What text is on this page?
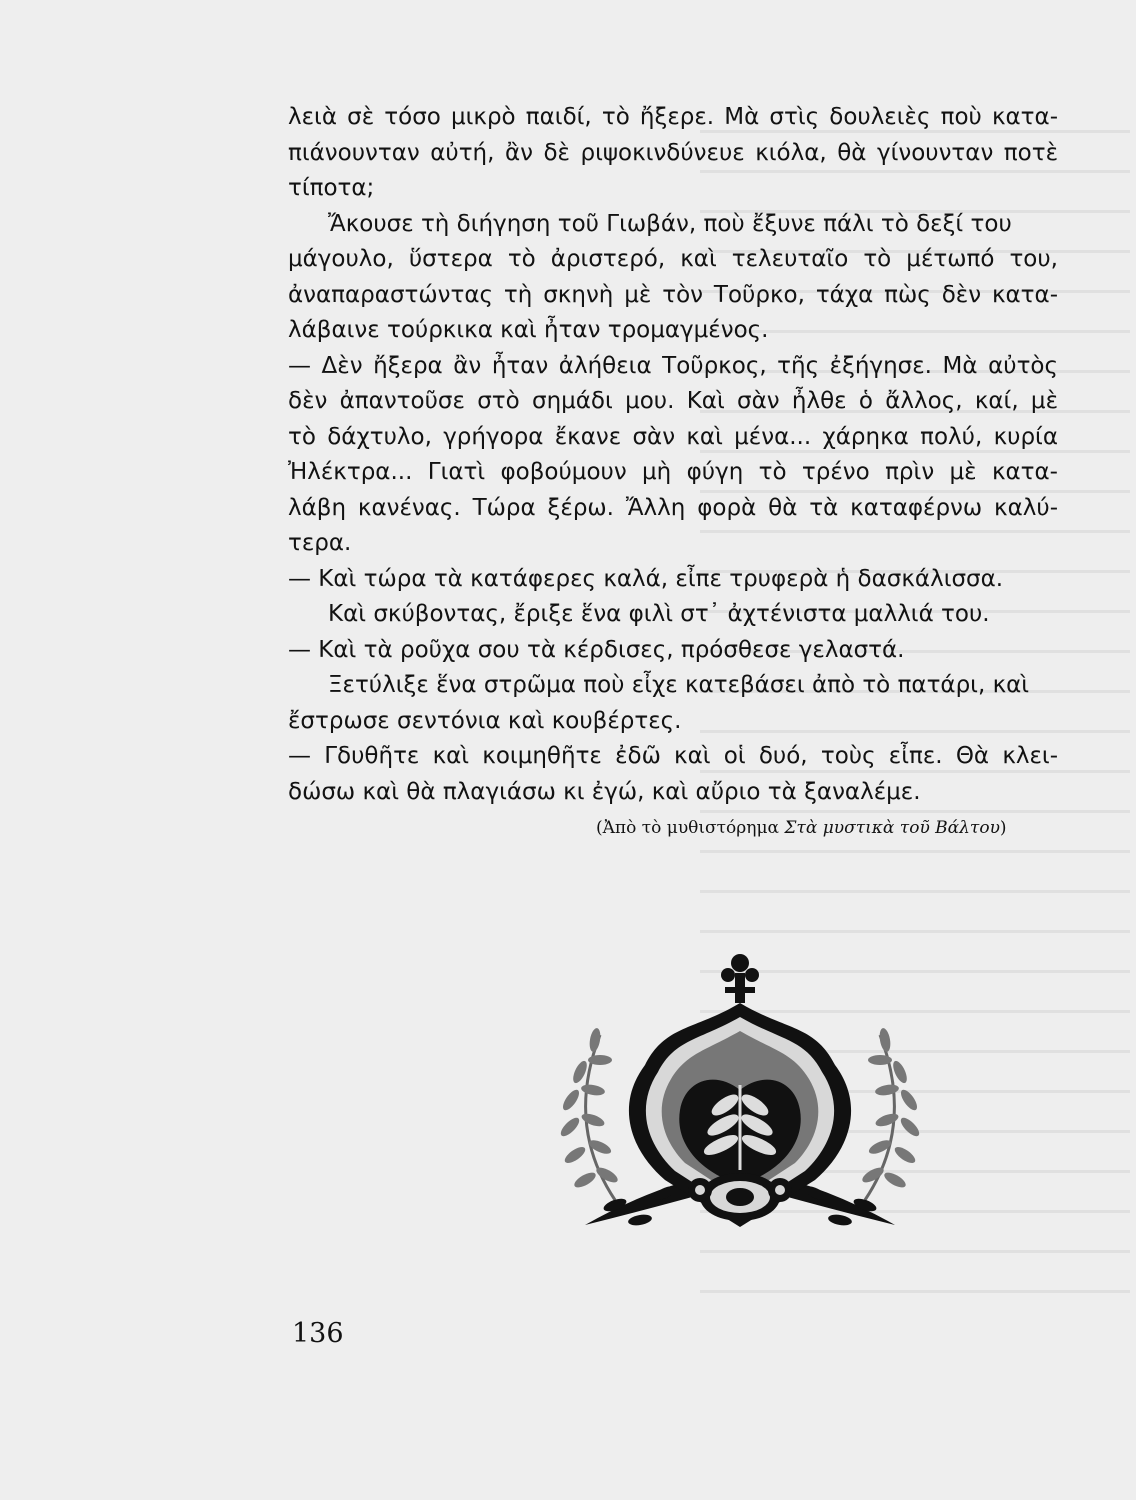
λειὰ σὲ τόσο μικρὸ παιδί, τὸ ἤξερε. Μὰ στὶς δουλειὲς ποὺ κατα-
πιάνουνταν αὐτή, ἂν δὲ ριψοκινδύνευε κιόλα, θὰ γίνουνταν ποτὲ
τίποτα;
Ἄκουσε τὴ διήγηση τοῦ Γιωβάν, ποὺ ἔξυνε πάλι τὸ δεξί του
μάγουλο, ὕστερα τὸ ἀριστερό, καὶ τελευταῖο τὸ μέτωπό του,
ἀναπαραστώντας τὴ σκηνὴ μὲ τὸν Τοῦρκο, τάχα πὼς δὲν κατα-
λάβαινε τούρκικα καὶ ἦταν τρομαγμένος.
— Δὲν ἤξερα ἂν ἦταν ἀλήθεια Τοῦρκος, τῆς ἐξήγησε. Μὰ αὐτὸς
δὲν ἀπαντοῦσε στὸ σημάδι μου. Καὶ σὰν ἦλθε ὁ ἄλλος, καί, μὲ
τὸ δάχτυλο, γρήγορα ἔκανε σὰν καὶ μένα... χάρηκα πολύ, κυρία
Ἠλέκτρα... Γιατὶ φοβούμουν μὴ φύγη τὸ τρένο πρὶν μὲ κατα-
λάβη κανένας. Τώρα ξέρω. Ἄλλη φορὰ θὰ τὰ καταφέρνω καλύ-
τερα.
— Καὶ τώρα τὰ κατάφερες καλά, εἶπε τρυφερὰ ἡ δασκάλισσα.
Καὶ σκύβοντας, ἔριξε ἕνα φιλὶ στ᾽ ἀχτένιστα μαλλιά του.
— Καὶ τὰ ροῦχα σου τὰ κέρδισες, πρόσθεσε γελαστά.
Ξετύλιξε ἕνα στρῶμα ποὺ εἶχε κατεβάσει ἀπὸ τὸ πατάρι, καὶ
ἔστρωσε σεντόνια καὶ κουβέρτες.
— Γδυθῆτε καὶ κοιμηθῆτε ἐδῶ καὶ οἱ δυό, τοὺς εἶπε. Θὰ κλει-
δώσω καὶ θὰ πλαγιάσω κι ἐγώ, καὶ αὔριο τὰ ξαναλέμε.
(Ἀπὸ τὸ μυθιστόρημα Στὰ μυστικὰ τοῦ Βάλτου)
136
